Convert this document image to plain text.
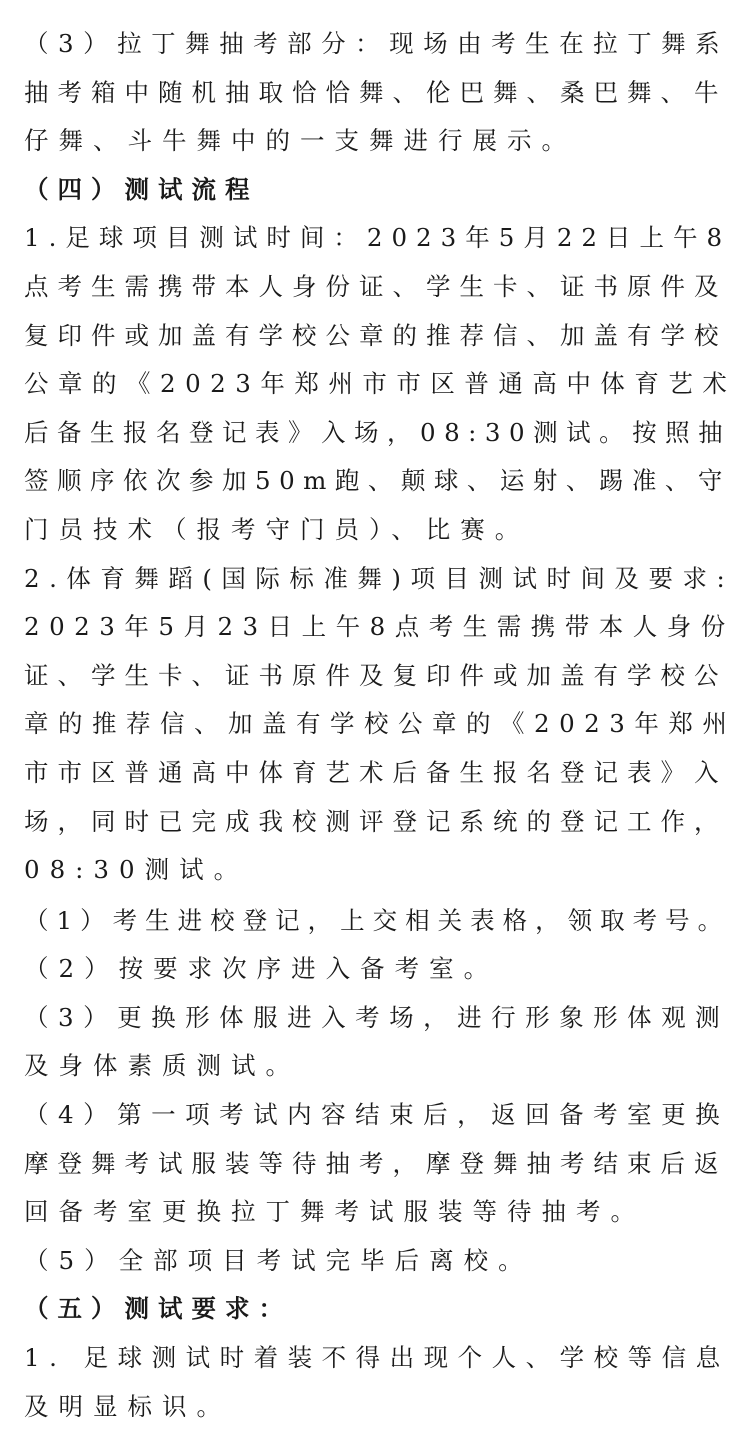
（3）拉丁舞抽考部分：现场由考生在拉丁舞系
抽考箱中随机抽取恰恰舞、伦巴舞、桑巴舞、牛
仔舞、斗牛舞中的一支舞进行展示。
（四）测试流程
1.足球项目测试时间：2023年5月22日上午8
点考生需携带本人身份证、学生卡、证书原件及
复印件或加盖有学校公章的推荐信、加盖有学校
公章的《2023年郑州市市区普通高中体育艺术
后备生报名登记表》入场，08:30测试。按照抽
签顺序依次参加50m跑、颠球、运射、踢准、守
门员技术（报考守门员）、比赛。
2.体育舞蹈(国际标准舞)项目测试时间及要求:
2023年5月23日上午8点考生需携带本人身份
证、学生卡、证书原件及复印件或加盖有学校公
章的推荐信、加盖有学校公章的《2023年郑州
市市区普通高中体育艺术后备生报名登记表》入
场，同时已完成我校测评登记系统的登记工作，
08:30测试。
（1）考生进校登记，上交相关表格，领取考号。
（2）按要求次序进入备考室。
（3）更换形体服进入考场，进行形象形体观测
及身体素质测试。
（4）第一项考试内容结束后，返回备考室更换
摩登舞考试服装等待抽考，摩登舞抽考结束后返
回备考室更换拉丁舞考试服装等待抽考。
（5）全部项目考试完毕后离校。
（五）测试要求：
1. 足球测试时着装不得出现个人、学校等信息
及明显标识。
